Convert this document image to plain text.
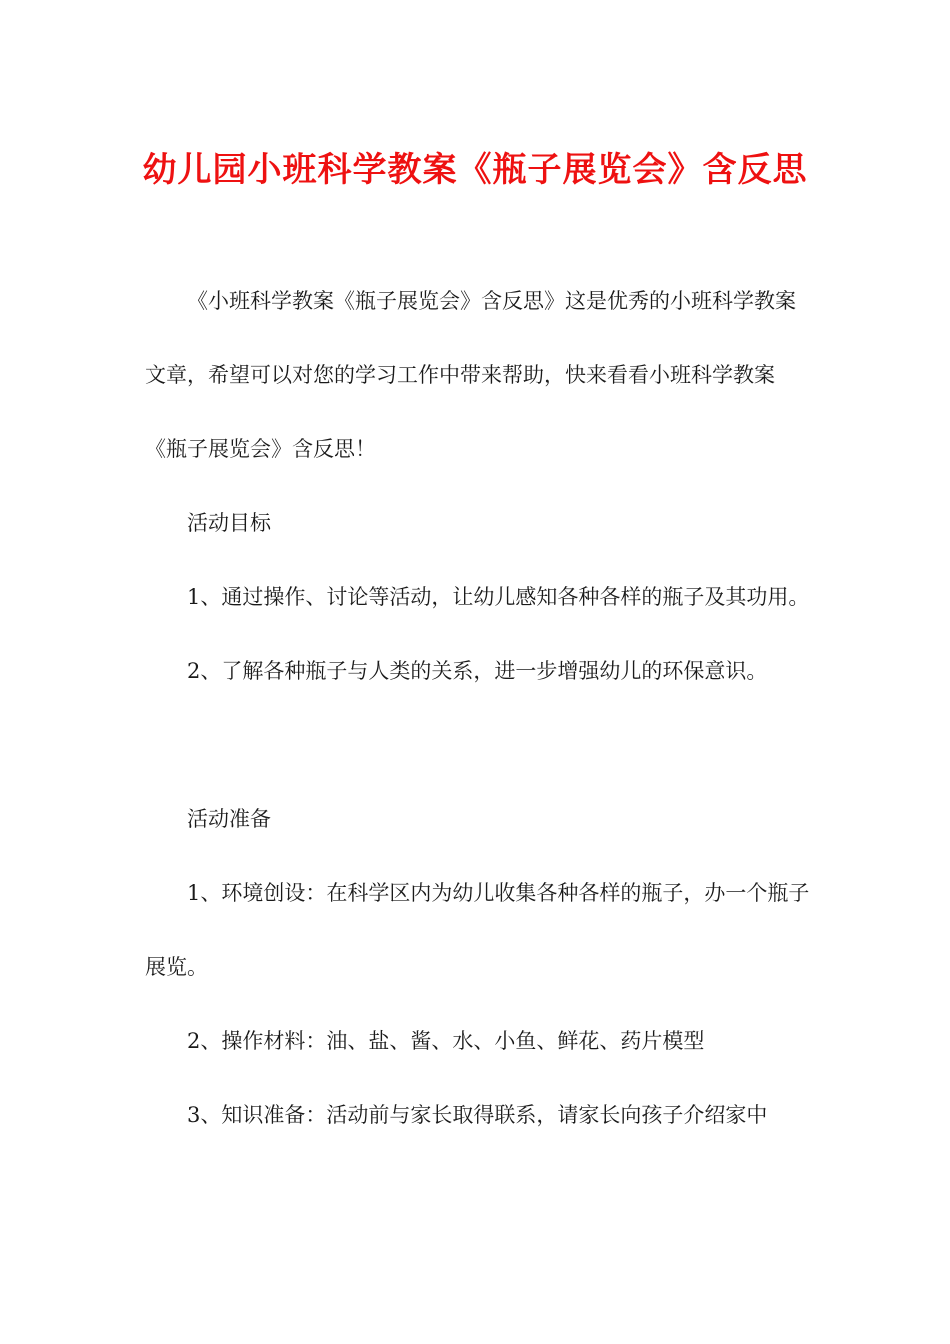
幼儿园小班科学教案《瓶子展览会》含反思

《小班科学教案《瓶子展览会》含反思》这是优秀的小班科学教案文章，希望可以对您的学习工作中带来帮助，快来看看小班科学教案《瓶子展览会》含反思！

活动目标

1、通过操作、讨论等活动，让幼儿感知各种各样的瓶子及其功用。

2、了解各种瓶子与人类的关系，进一步增强幼儿的环保意识。

活动准备

1、环境创设：在科学区内为幼儿收集各种各样的瓶子，办一个瓶子展览。

2、操作材料：油、盐、酱、水、小鱼、鲜花、药片模型

3、知识准备：活动前与家长取得联系，请家长向孩子介绍家中
